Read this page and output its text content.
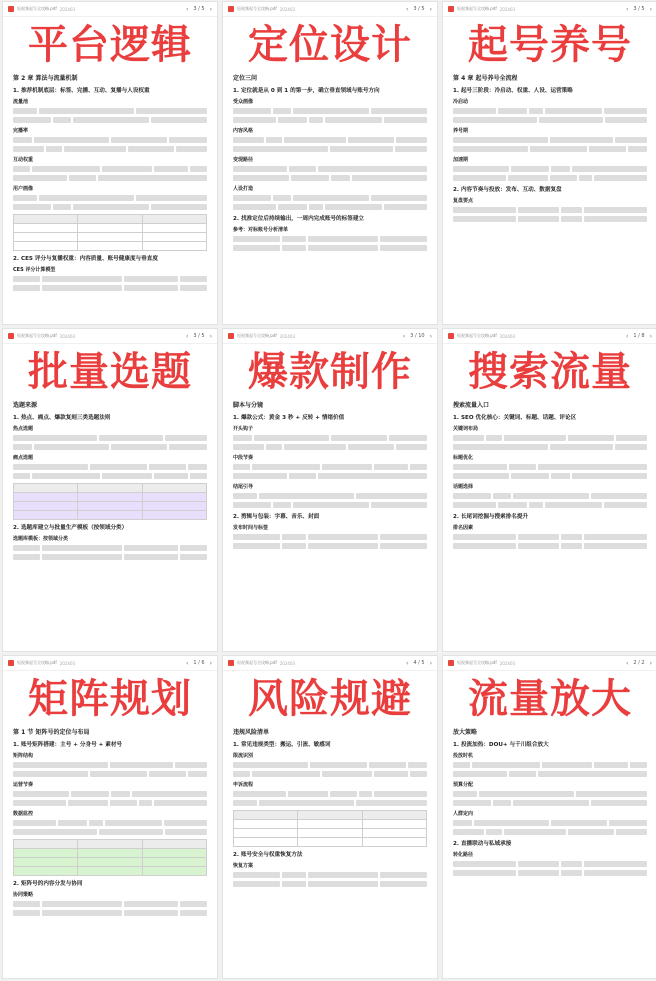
短视频起号全攻略.pdf 202403	‹ 3 / 5 ›
平台逻辑
第 2 章 算法与流量机制
1. 推荐机制底层：标签、完播、互动、复播与人设权重
流量池
完播率
互动权重
用户画像

2. CES 评分与复播权重：内容质量、账号健康度与垂直度
CES 评分计算模型
短视频起号全攻略.pdf 202403	‹ 3 / 5 ›
定位设计
定位三问
1. 定位就是从 0 到 1 的第一步，确立垂直领域与账号方向
受众画像
内容风格
变现路径
人设打造
2. 找准定位后持续输出，一周内完成账号的标签建立
参考：对标账号分析清单
短视频起号全攻略.pdf 202403	‹ 3 / 5 ›
起号养号
第 4 章 起号养号全流程
1. 起号三阶段：冷启动、权重、人设、运营策略
冷启动
养号期
加速期
2. 内容节奏与投放：发布、互动、数据复盘
复盘要点
短视频起号全攻略.pdf 202403	‹ 3 / 5 ›
批量选题
选题来源
1. 热点、痛点、爆款复刻三类选题法则
热点选题
痛点选题

2. 选题库建立与批量生产模板（按领域分类）
选题库模板：按领域分类
短视频起号全攻略.pdf 202403	‹ 3 / 10 ›
爆款制作
脚本与分镜
1. 爆款公式：黄金 3 秒 + 反转 + 情绪价值
开头钩子
中段节奏
结尾引导
2. 剪辑与包装：字幕、音乐、封面
发布时间与标签
短视频起号全攻略.pdf 202403	‹ 1 / 8 ›
搜索流量
搜索流量入口
1. SEO 优化核心：关键词、标题、话题、评论区
关键词布局
标题优化
话题选择
2. 长尾词挖掘与搜索排名提升
排名因素
短视频起号全攻略.pdf 202403	‹ 1 / 6 ›
矩阵规划
第 1 节 矩阵号的定位与布局
1. 账号矩阵搭建：主号 + 分身号 + 素材号
矩阵结构
运营节奏
数据监控

2. 矩阵号的内容分发与协同
协同策略
短视频起号全攻略.pdf 202403	‹ 4 / 5 ›
风险规避
违规风险清单
1. 常见违规类型：搬运、引流、敏感词
限流识别
申诉流程

2. 账号安全与权重恢复方法
恢复方案
短视频起号全攻略.pdf 202403	‹ 2 / 2 ›
流量放大
放大策略
1. 投流加热：DOU+ 与千川组合放大
投放时机
预算分配
人群定向
2. 直播联动与私域承接
转化路径
